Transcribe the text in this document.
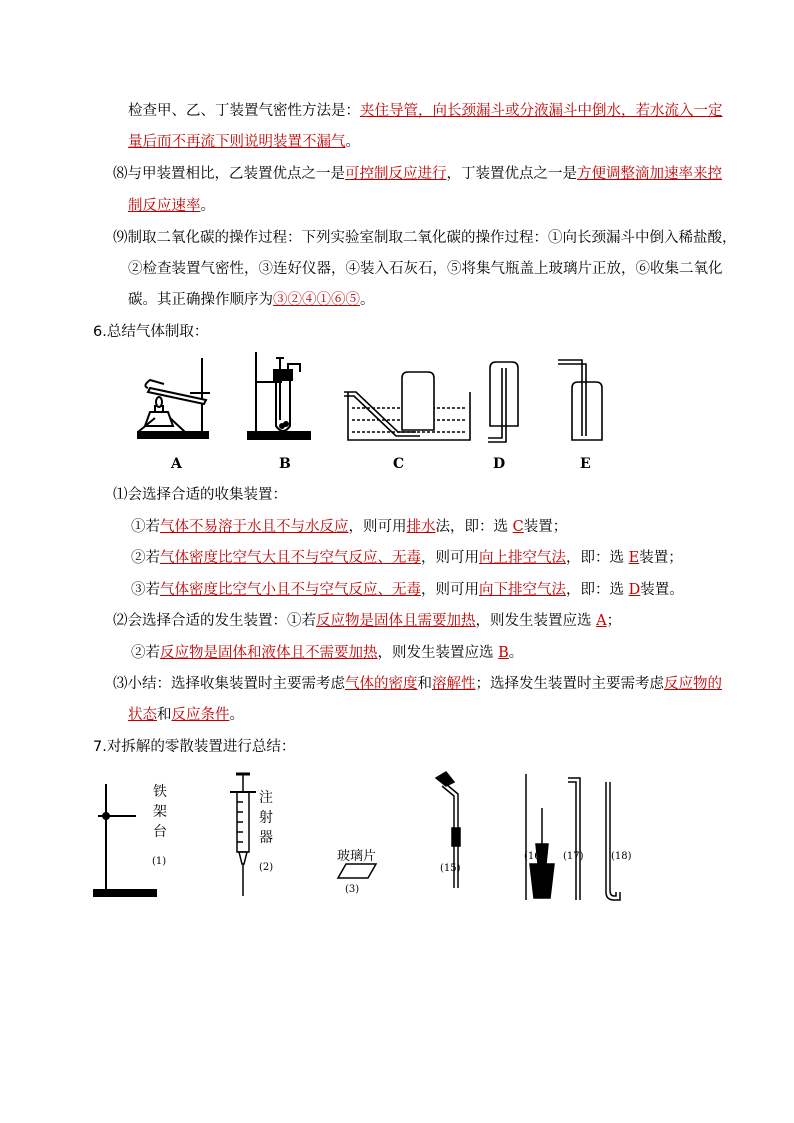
检查甲、乙、丁装置气密性方法是：夹住导管，向长颈漏斗或分液漏斗中倒水，若水流入一定
量后而不再流下则说明装置不漏气。
⑻与甲装置相比，乙装置优点之一是可控制反应进行，丁装置优点之一是方便调整滴加速率来控
制反应速率。
⑼制取二氧化碳的操作过程：下列实验室制取二氧化碳的操作过程：①向长颈漏斗中倒入稀盐酸，
②检查装置气密性，③连好仪器，④装入石灰石，⑤将集气瓶盖上玻璃片正放，⑥收集二氧化
碳。其正确操作顺序为③②④①⑥⑤。
6.总结气体制取：
A	B	C	D	E
⑴会选择合适的收集装置：
①若气体不易溶于水且不与水反应，则可用排水法，即：选 C装置；
②若气体密度比空气大且不与空气反应、无毒，则可用向上排空气法，即：选 E装置；
③若气体密度比空气小且不与空气反应、无毒，则可用向下排空气法，即：选 D装置。
⑵会选择合适的发生装置：①若反应物是固体且需要加热，则发生装置应选 A；
②若反应物是固体和液体且不需要加热，则发生装置应选 B。
⑶小结：选择收集装置时主要需考虑气体的密度和溶解性；选择发生装置时主要需考虑反应物的
状态和反应条件。
7.对拆解的零散装置进行总结：
铁架台
注射器
玻璃片
(1)
(2)
(3)
(15)
(16) (17)	(18)
